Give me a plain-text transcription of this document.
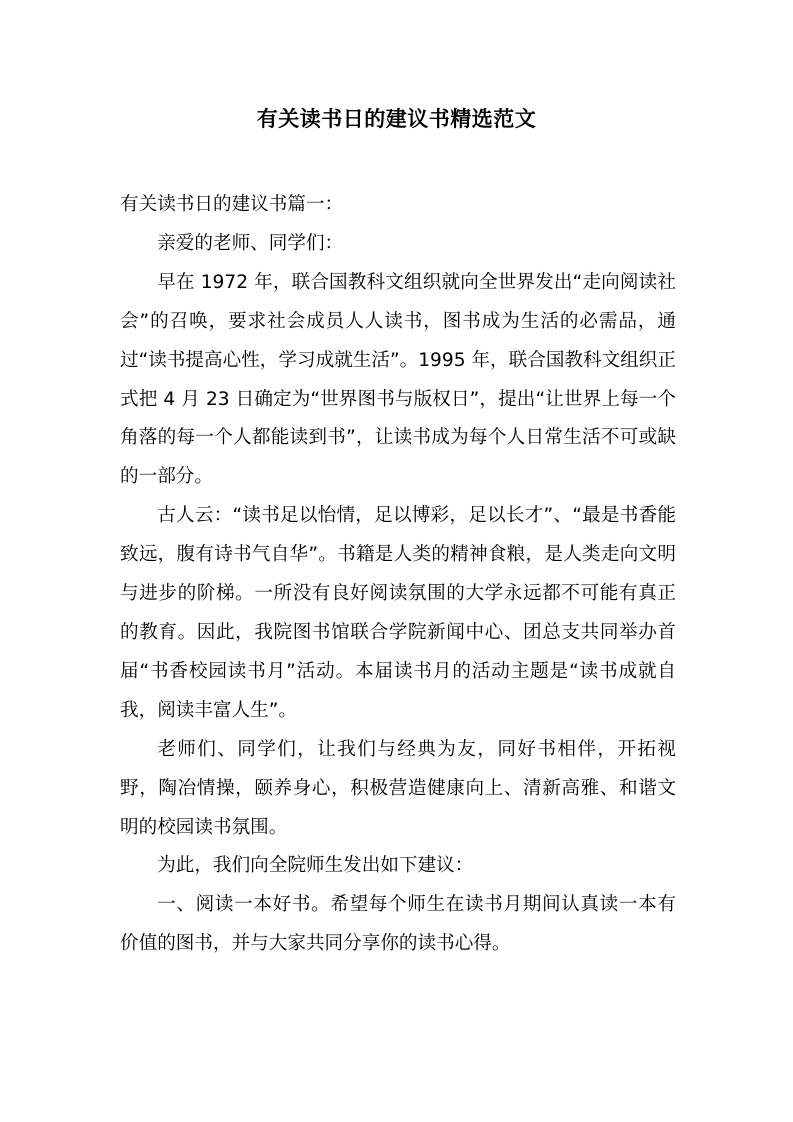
有关读书日的建议书精选范文

有关读书日的建议书篇一：

亲爱的老师、同学们：

早在 1972 年，联合国教科文组织就向全世界发出“走向阅读社会”的召唤，要求社会成员人人读书，图书成为生活的必需品，通过“读书提高心性，学习成就生活”。1995 年，联合国教科文组织正式把 4 月 23 日确定为“世界图书与版权日”，提出“让世界上每一个角落的每一个人都能读到书”，让读书成为每个人日常生活不可或缺的一部分。

古人云：“读书足以怡情，足以博彩，足以长才”、“最是书香能致远，腹有诗书气自华”。书籍是人类的精神食粮，是人类走向文明与进步的阶梯。一所没有良好阅读氛围的大学永远都不可能有真正的教育。因此，我院图书馆联合学院新闻中心、团总支共同举办首届“书香校园读书月”活动。本届读书月的活动主题是“读书成就自我，阅读丰富人生”。

老师们、同学们，让我们与经典为友，同好书相伴，开拓视野，陶冶情操，颐养身心，积极营造健康向上、清新高雅、和谐文明的校园读书氛围。

为此，我们向全院师生发出如下建议：

一、阅读一本好书。希望每个师生在读书月期间认真读一本有价值的图书，并与大家共同分享你的读书心得。
